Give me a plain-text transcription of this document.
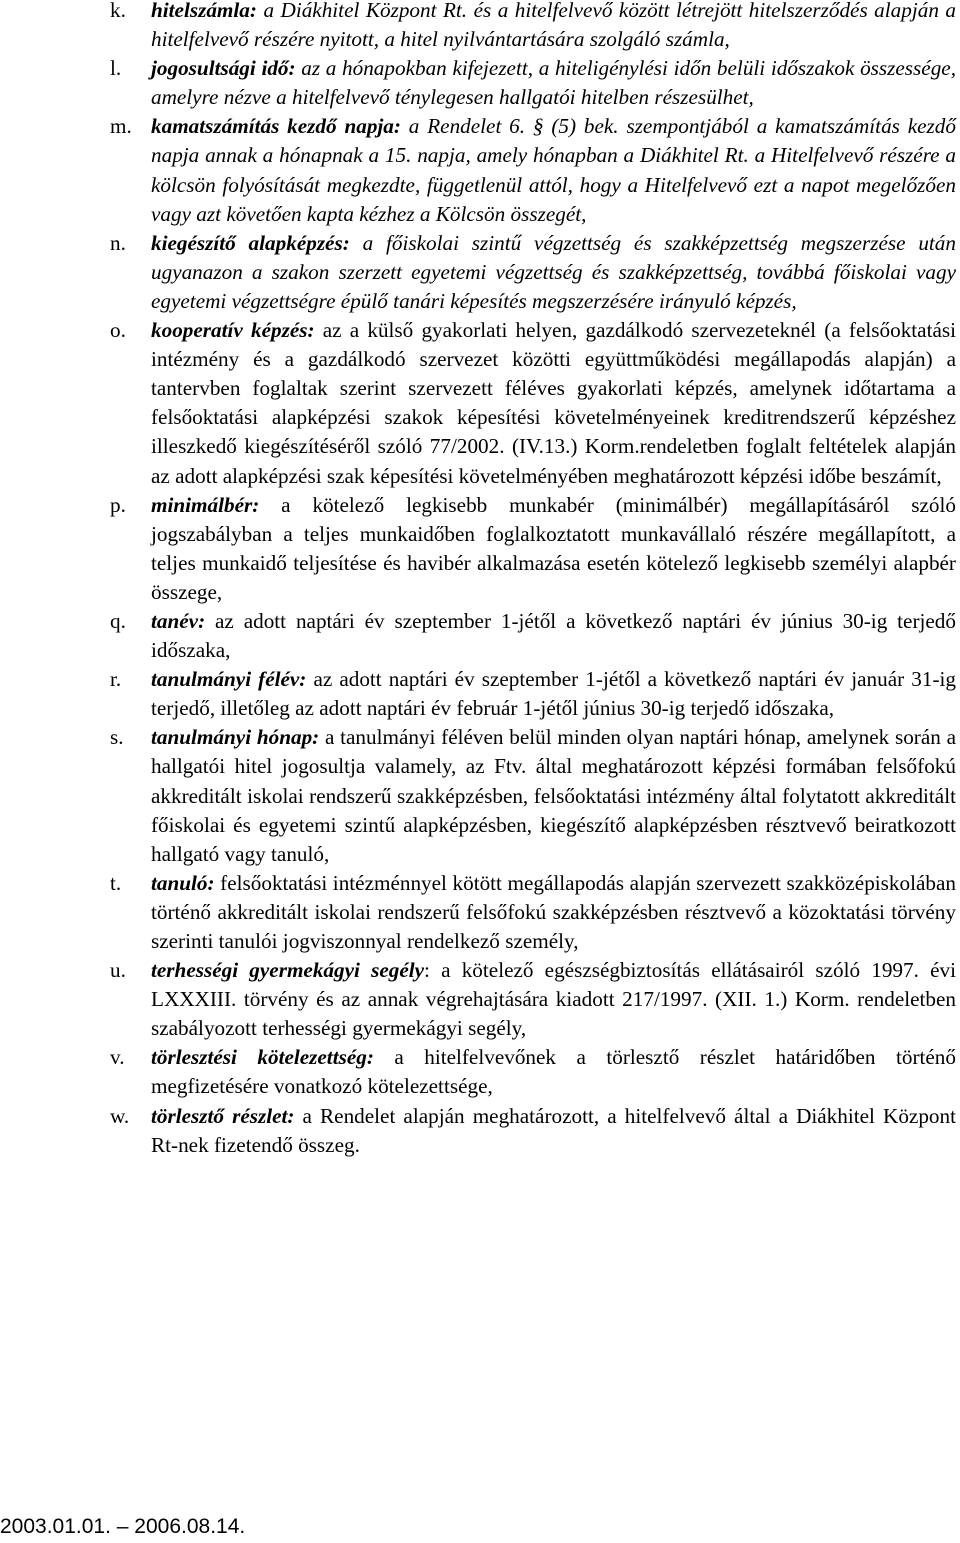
k.	hitelszámla: a Diákhitel Központ Rt. és a hitelfelvevő között létrejött hitelszerződés alapján a hitelfelvevő részére nyitott, a hitel nyilvántartására szolgáló számla,
l.	jogosultsági idő: az a hónapokban kifejezett, a hiteligénylési időn belüli időszakok összessége, amelyre nézve a hitelfelvevő ténylegesen hallgatói hitelben részesülhet,
m. kamatszámítás kezdő napja: a Rendelet 6. § (5) bek. szempontjából a kamatszámítás kezdő napja annak a hónapnak a 15. napja, amely hónapban a Diákhitel Rt. a Hitelfelvevő részére a kölcsön folyósítását megkezdte, függetlenül attól, hogy a Hitelfelvevő ezt a napot megelőzően vagy azt követően kapta kézhez a Kölcsön összegét,
n.	kiegészítő alapképzés: a főiskolai szintű végzettség és szakképzettség megszerzése után ugyanazon a szakon szerzett egyetemi végzettség és szakképzettség, továbbá főiskolai vagy egyetemi végzettségre épülő tanári képesítés megszerzésére irányuló képzés,
o.	kooperatív képzés: az a külső gyakorlati helyen, gazdálkodó szervezeteknél (a felsőoktatási intézmény és a gazdálkodó szervezet közötti együttműködési megállapodás alapján) a tantervben foglaltak szerint szervezett féléves gyakorlati képzés, amelynek időtartama a felsőoktatási alapképzési szakok képesítési követelményeinek kreditrendszerű képzéshez illeszkedő kiegészítéséről szóló 77/2002. (IV.13.) Korm.rendeletben foglalt feltételek alapján az adott alapképzési szak képesítési követelményében meghatározott képzési időbe beszámít,
p.	minimálbér: a kötelező legkisebb munkabér (minimálbér) megállapításáról szóló jogszabályban a teljes munkaidőben foglalkoztatott munkavállaló részére megállapított, a teljes munkaidő teljesítése és havibér alkalmazása esetén kötelező legkisebb személyi alapbér összege,
q.	tanév: az adott naptári év szeptember 1-jétől a következő naptári év június 30-ig terjedő időszaka,
r.	tanulmányi félév: az adott naptári év szeptember 1-jétől a következő naptári év január 31-ig terjedő, illetőleg az adott naptári év február 1-jétől június 30-ig terjedő időszaka,
s.	tanulmányi hónap: a tanulmányi féléven belül minden olyan naptári hónap, amelynek során a hallgatói hitel jogosultja valamely, az Ftv. által meghatározott képzési formában felsőfokú akkreditált iskolai rendszerű szakképzésben, felsőoktatási intézmény által folytatott akkreditált főiskolai és egyetemi szintű alapképzésben, kiegészítő alapképzésben résztvevő beiratkozott hallgató vagy tanuló,
t.	tanuló: felsőoktatási intézménnyel kötött megállapodás alapján szervezett szakközépiskolában történő akkreditált iskolai rendszerű felsőfokú szakképzésben résztvevő a közoktatási törvény szerinti tanulói jogviszonnyal rendelkező személy,
u.	terhességi gyermekágyi segély: a kötelező egészségbiztosítás ellátásairól szóló 1997. évi LXXXIII. törvény és az annak végrehajtására kiadott 217/1997. (XII. 1.) Korm. rendeletben szabályozott terhességi gyermekágyi segély,
v.	törlesztési kötelezettség: a hitelfelvevőnek a törlesztő részlet határidőben történő megfizetésére vonatkozó kötelezettsége,
w.	törlesztő részlet: a Rendelet alapján meghatározott, a hitelfelvevő által a Diákhitel Központ Rt-nek fizetendő összeg.
2003.01.01. – 2006.08.14.
